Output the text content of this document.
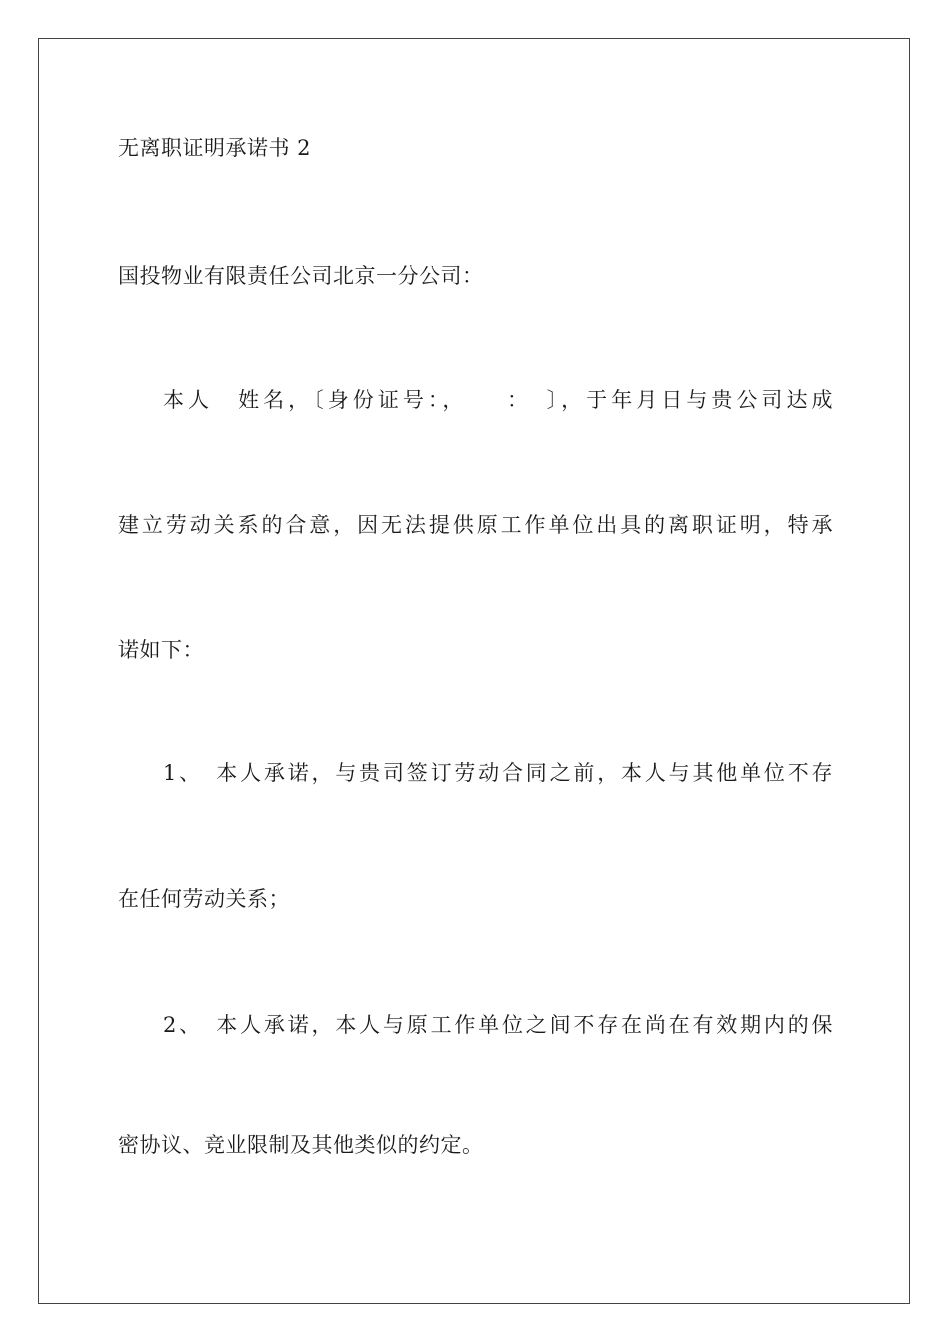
无离职证明承诺书 2
国投物业有限责任公司北京一分公司：
本人　姓名，〔身份证号：，　　：　〕，于年月日与贵公司达成
建立劳动关系的合意，因无法提供原工作单位出具的离职证明，特承
诺如下：
1、　本人承诺，与贵司签订劳动合同之前，本人与其他单位不存
在任何劳动关系；
2、　本人承诺，本人与原工作单位之间不存在尚在有效期内的保
密协议、竞业限制及其他类似的约定。
